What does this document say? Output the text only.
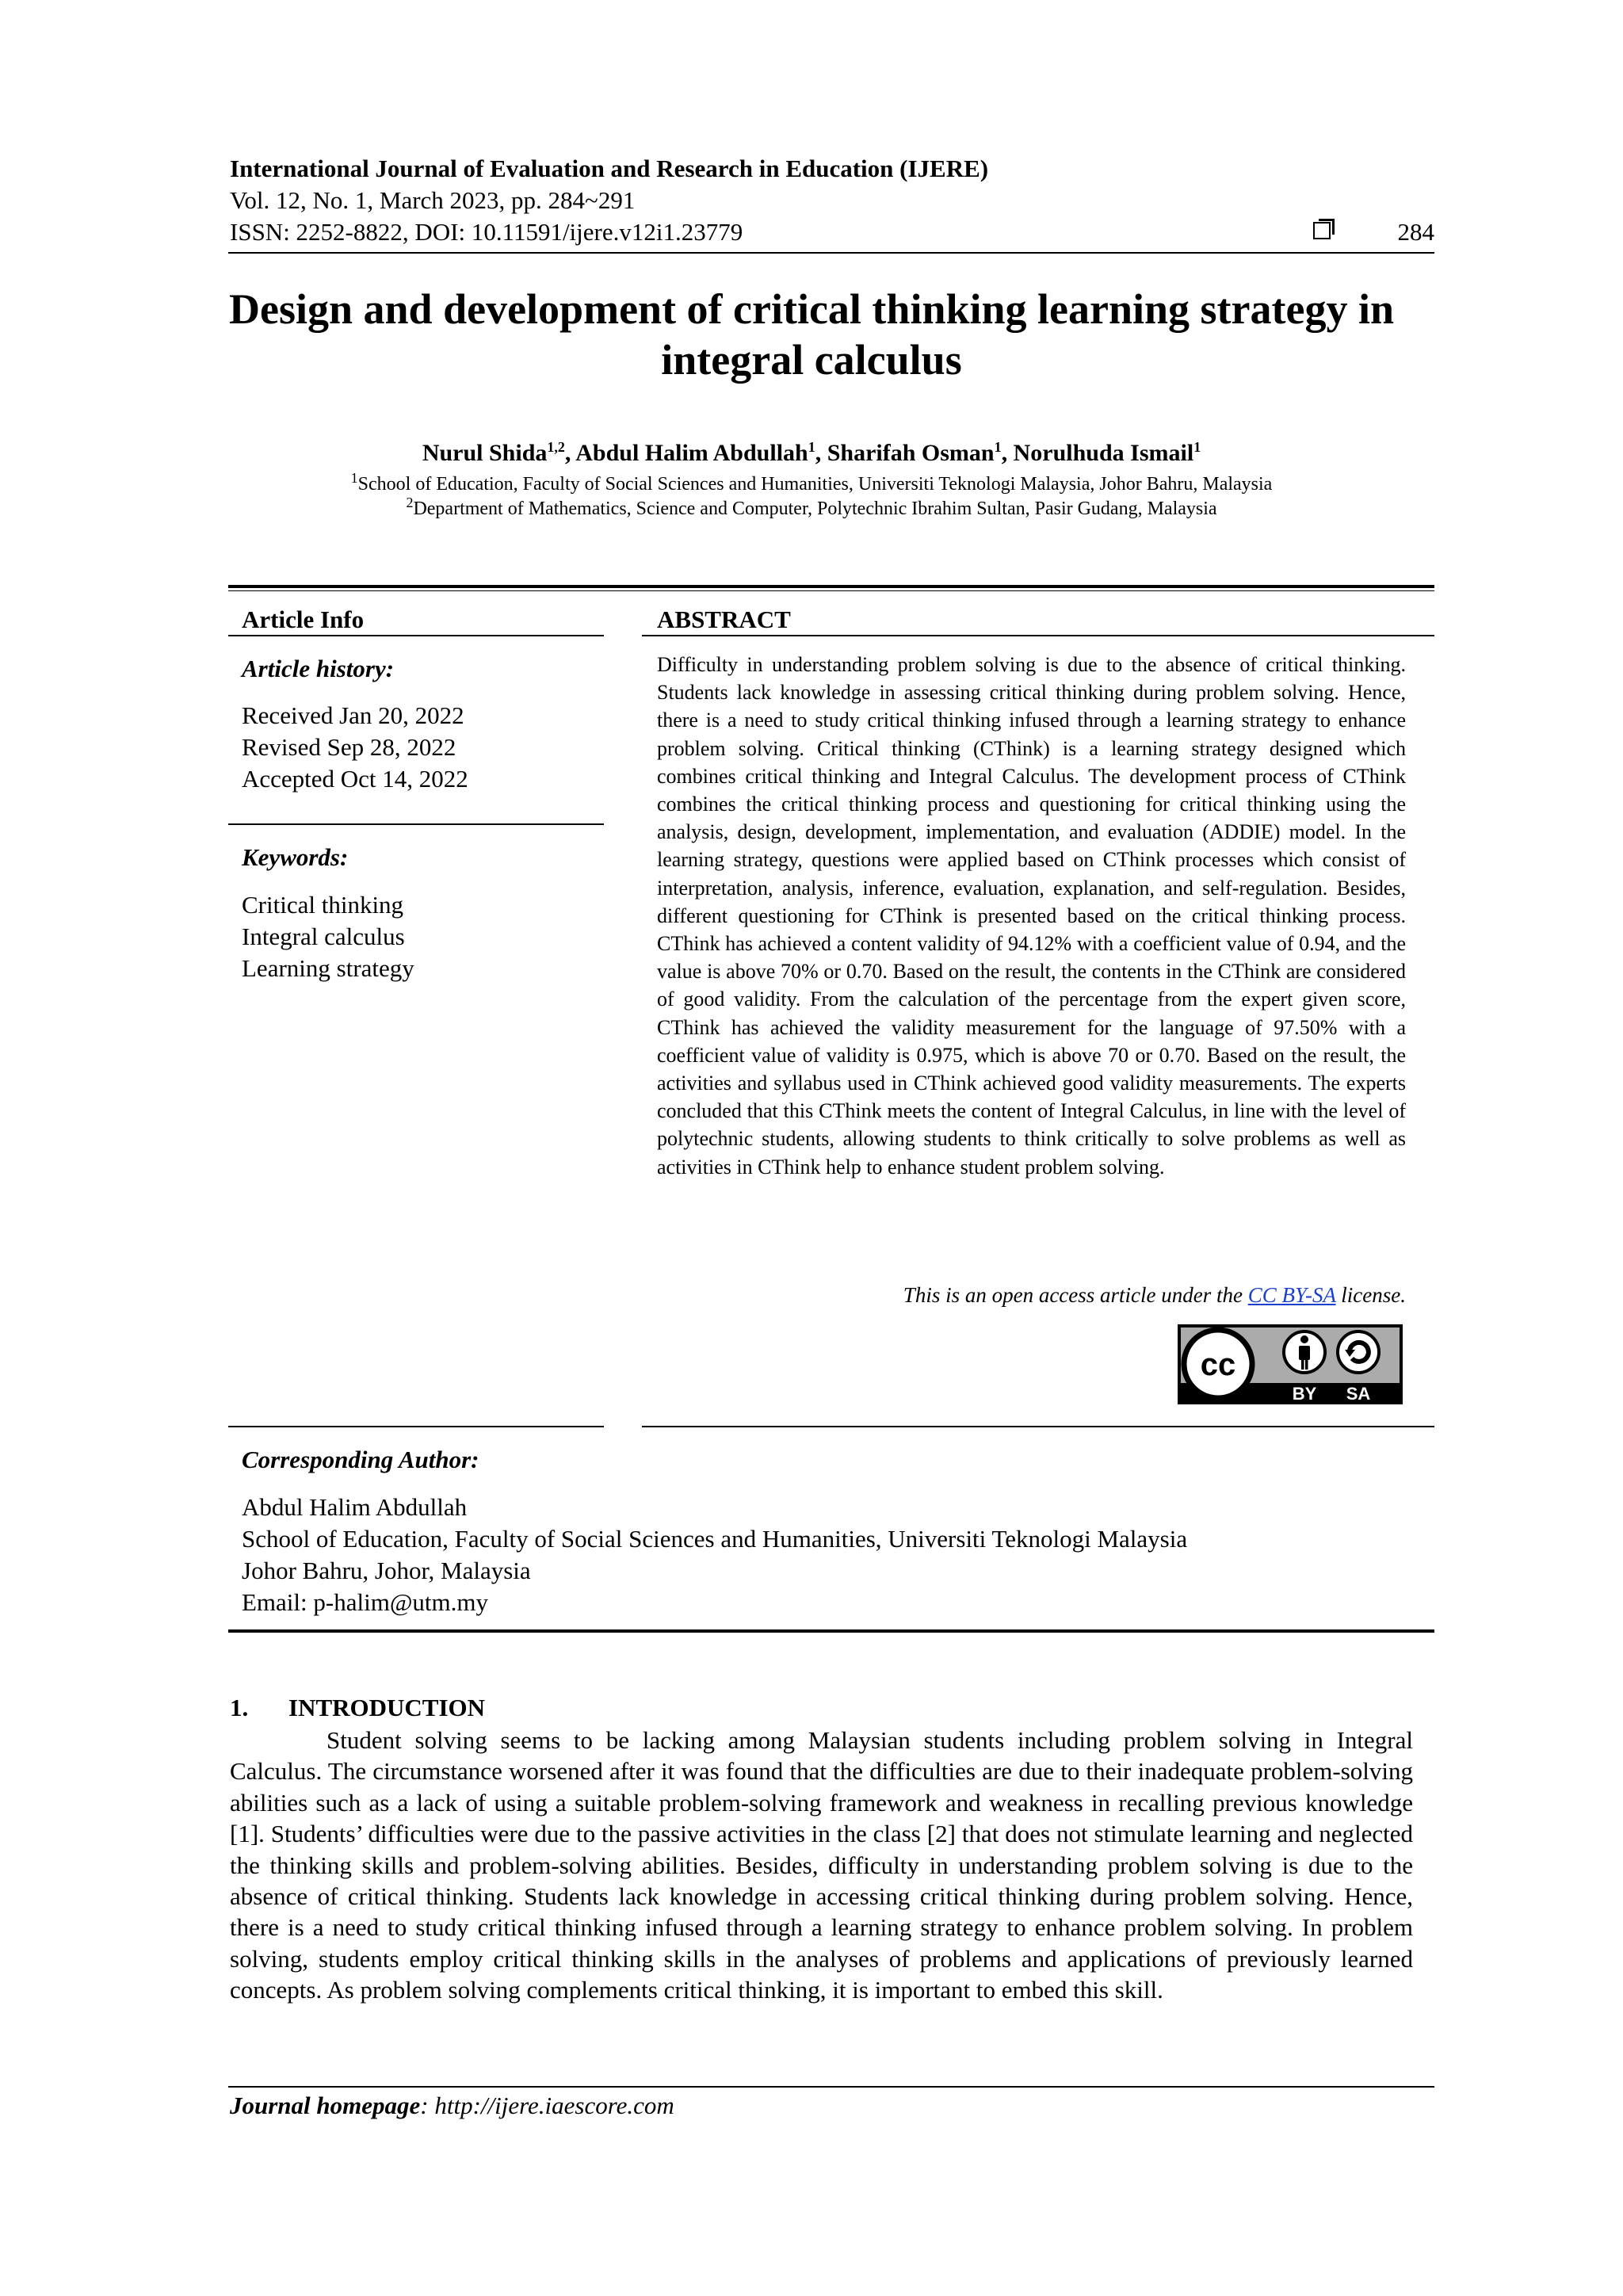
International Journal of Evaluation and Research in Education (IJERE)
Vol. 12, No. 1, March 2023, pp. 284~291
ISSN: 2252-8822, DOI: 10.11591/ijere.v12i1.23779	284
Design and development of critical thinking learning strategy in integral calculus
Nurul Shida$^{1,2}$, Abdul Halim Abdullah$^1$, Sharifah Osman$^1$, Norulhuda Ismail$^1$
$^1$School of Education, Faculty of Social Sciences and Humanities, Universiti Teknologi Malaysia, Johor Bahru, Malaysia
$^2$Department of Mathematics, Science and Computer, Polytechnic Ibrahim Sultan, Pasir Gudang, Malaysia
Article Info
Article history:
Received Jan 20, 2022
Revised Sep 28, 2022
Accepted Oct 14, 2022
Keywords:
Critical thinking
Integral calculus
Learning strategy
ABSTRACT
Difficulty in understanding problem solving is due to the absence of critical thinking. Students lack knowledge in assessing critical thinking during problem solving. Hence, there is a need to study critical thinking infused through a learning strategy to enhance problem solving. Critical thinking (CThink) is a learning strategy designed which combines critical thinking and Integral Calculus. The development process of CThink combines the critical thinking process and questioning for critical thinking using the analysis, design, development, implementation, and evaluation (ADDIE) model. In the learning strategy, questions were applied based on CThink processes which consist of interpretation, analysis, inference, evaluation, explanation, and self-regulation. Besides, different questioning for CThink is presented based on the critical thinking process. CThink has achieved a content validity of 94.12% with a coefficient value of 0.94, and the value is above 70% or 0.70. Based on the result, the contents in the CThink are considered of good validity. From the calculation of the percentage from the expert given score, CThink has achieved the validity measurement for the language of 97.50% with a coefficient value of validity is 0.975, which is above 70 or 0.70. Based on the result, the activities and syllabus used in CThink achieved good validity measurements. The experts concluded that this CThink meets the content of Integral Calculus, in line with the level of polytechnic students, allowing students to think critically to solve problems as well as activities in CThink help to enhance student problem solving.
This is an open access article under the CC BY-SA license.
cc
BY SA
Corresponding Author:
Abdul Halim Abdullah
School of Education, Faculty of Social Sciences and Humanities, Universiti Teknologi Malaysia
Johor Bahru, Johor, Malaysia
Email: p-halim@utm.my
1. INTRODUCTION
Student solving seems to be lacking among Malaysian students including problem solving in Integral Calculus. The circumstance worsened after it was found that the difficulties are due to their inadequate problem-solving abilities such as a lack of using a suitable problem-solving framework and weakness in recalling previous knowledge [1]. Students’ difficulties were due to the passive activities in the class [2] that does not stimulate learning and neglected the thinking skills and problem-solving abilities. Besides, difficulty in understanding problem solving is due to the absence of critical thinking. Students lack knowledge in accessing critical thinking during problem solving. Hence, there is a need to study critical thinking infused through a learning strategy to enhance problem solving. In problem solving, students employ critical thinking skills in the analyses of problems and applications of previously learned concepts. As problem solving complements critical thinking, it is important to embed this skill.
Journal homepage: http://ijere.iaescore.com
